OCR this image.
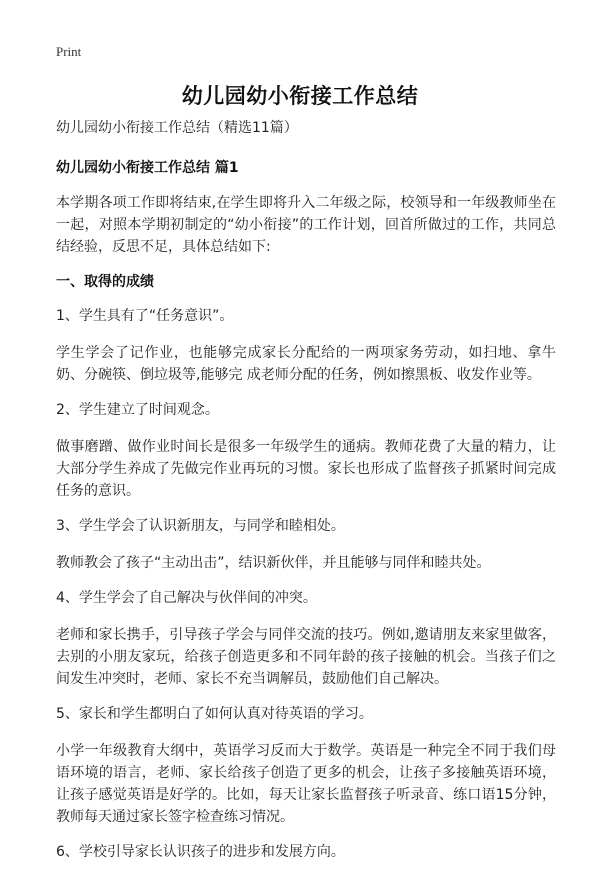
Print
幼儿园幼小衔接工作总结
幼儿园幼小衔接工作总结（精选11篇）
幼儿园幼小衔接工作总结 篇1
本学期各项工作即将结束,在学生即将升入二年级之际，校领导和一年级教师坐在一起，对照本学期初制定的“幼小衔接”的工作计划，回首所做过的工作，共同总结经验，反思不足，具体总结如下:
一、取得的成绩
1、学生具有了“任务意识”。
学生学会了记作业，也能够完成家长分配给的一两项家务劳动，如扫地、拿牛奶、分碗筷、倒垃圾等,能够完 成老师分配的任务，例如擦黑板、收发作业等。
2、学生建立了时间观念。
做事磨蹭、做作业时间长是很多一年级学生的通病。教师花费了大量的精力，让大部分学生养成了先做完作业再玩的习惯。家长也形成了监督孩子抓紧时间完成任务的意识。
3、学生学会了认识新朋友，与同学和睦相处。
教师教会了孩子“主动出击”，结识新伙伴，并且能够与同伴和睦共处。
4、学生学会了自己解决与伙伴间的冲突。
老师和家长携手，引导孩子学会与同伴交流的技巧。例如,邀请朋友来家里做客，去别的小朋友家玩，给孩子创造更多和不同年龄的孩子接触的机会。当孩子们之间发生冲突时，老师、家长不充当调解员，鼓励他们自己解决。
5、家长和学生都明白了如何认真对待英语的学习。
小学一年级教育大纲中，英语学习反而大于数学。英语是一种完全不同于我们母语环境的语言，老师、家长给孩子创造了更多的机会，让孩子多接触英语环境，让孩子感觉英语是好学的。比如，每天让家长监督孩子听录音、练口语15分钟，教师每天通过家长签字检查练习情况。
6、学校引导家长认识孩子的进步和发展方向。
